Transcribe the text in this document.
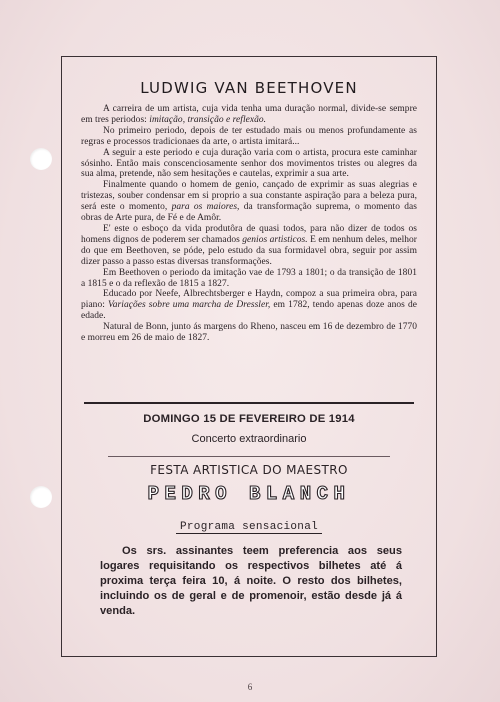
LUDWIG VAN BEETHOVEN

A carreira de um artista, cuja vida tenha uma duração normal, divide-se sempre em tres periodos: imitação, transição e reflexão.

No primeiro periodo, depois de ter estudado mais ou menos profundamente as regras e processos tradicionaes da arte, o artista imitará...

A seguir a este periodo e cuja duração varia com o artista, procura este caminhar sósinho. Então mais conscenciosamente senhor dos movimentos tristes ou alegres da sua alma, pretende, não sem hesitações e cautelas, exprimir a sua arte.

Finalmente quando o homem de genio, cançado de exprimir as suas alegrias e tristezas, souber condensar em si proprio a sua constante aspiração para a beleza pura, será este o momento, para os maiores, da transformação suprema, o momento das obras de Arte pura, de Fé e de Amôr.

E' este o esboço da vida produtôra de quasi todos, para não dizer de todos os homens dignos de poderem ser chamados genios artisticos. E em nenhum deles, melhor do que em Beethoven, se póde, pelo estudo da sua formidavel obra, seguir por assim dizer passo a passo estas diversas transformações.

Em Beethoven o periodo da imitação vae de 1793 a 1801; o da transição de 1801 a 1815 e o da reflexão de 1815 a 1827.

Educado por Neefe, Albrechtsberger e Haydn, compoz a sua primeira obra, para piano: Variações sobre uma marcha de Dressler, em 1782, tendo apenas doze anos de edade.

Natural de Bonn, junto ás margens do Rheno, nasceu em 16 de dezembro de 1770 e morreu em 26 de maio de 1827.

DOMINGO 15 DE FEVEREIRO DE 1914
Concerto extraordinario
FESTA ARTISTICA DO MAESTRO
PEDRO BLANCH
Programa sensacional

Os srs. assinantes teem preferencia aos seus logares requisitando os respectivos bilhetes até á proxima terça feira 10, á noite. O resto dos bilhetes, incluindo os de geral e de promenoir, estão desde já á venda.

6
